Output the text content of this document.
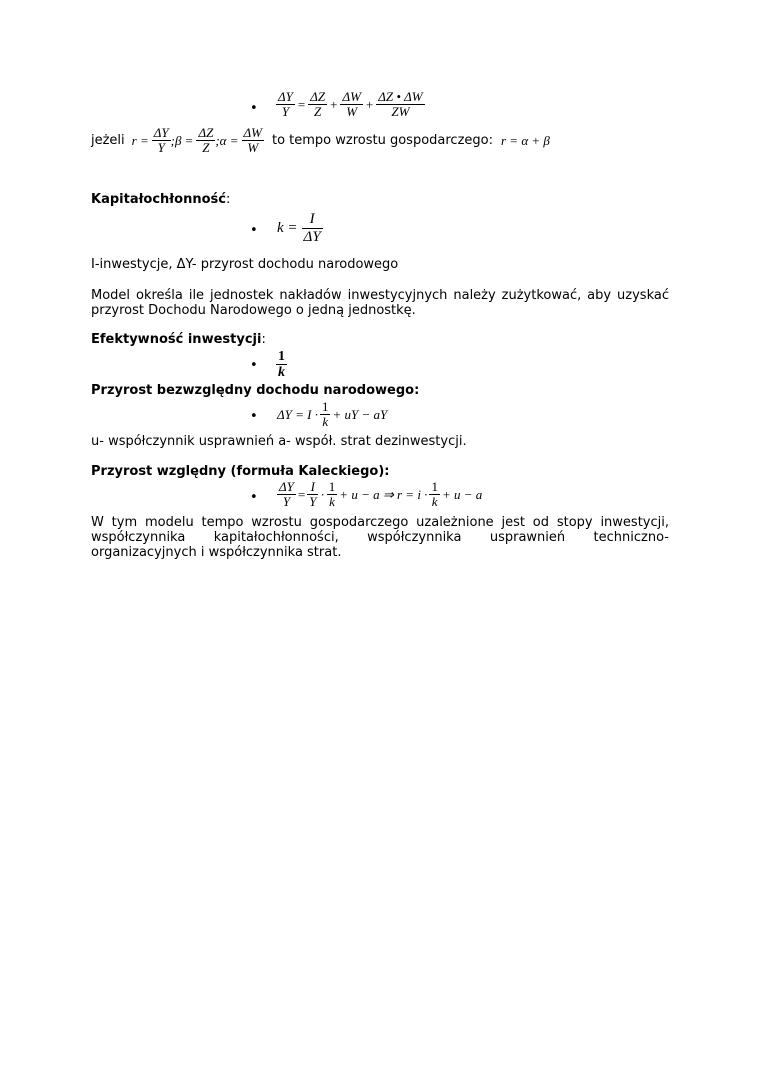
• $\frac{\Delta Y}{Y} = \frac{\Delta Z}{Z} + \frac{\Delta W}{W} + \frac{\Delta Z • \Delta W}{ZW}$
jeżeli $r = \frac{\Delta Y}{Y}$ ;β = $\frac{\Delta Z}{Z}$ ;α = $\frac{\Delta W}{W}$ to tempo wzrostu gospodarczego: r = α + β
Kapitałochłonność:
• $k = \frac{I}{\Delta Y}$
I-inwestycje, ΔY- przyrost dochodu narodowego
Model określa ile jednostek nakładów inwestycyjnych należy zużytkować, aby uzyskać przyrost Dochodu Narodowego o jedną jednostkę.
Efektywność inwestycji:
• $\frac{1}{k}$
Przyrost bezwzględny dochodu narodowego:
• $\Delta Y = I \cdot \frac{1}{k}$ + uY − aY
u- współczynnik usprawnień a- współ. strat dezinwestycji.
Przyrost względny (formuła Kaleckiego):
• $\frac{\Delta Y}{Y} = \frac{I}{Y} \cdot \frac{1}{k} + u - a$ ⇒ $r = i \cdot \frac{1}{k} + u - a$
W tym modelu tempo wzrostu gospodarczego uzależnione jest od stopy inwestycji, współczynnika kapitałochłonności, współczynnika usprawnień techniczno-organizacyjnych i współczynnika strat.
